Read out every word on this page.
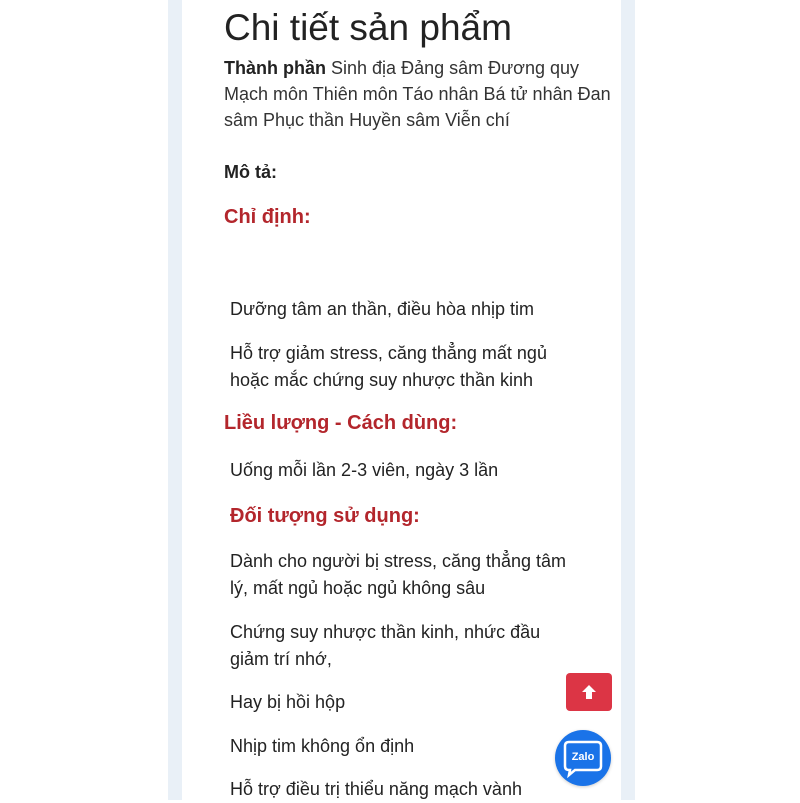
Chi tiết sản phẩm
Thành phần Sinh địa Đảng sâm Đương quy Mạch môn Thiên môn Táo nhân Bá tử nhân Đan sâm Phục thần Huyền sâm Viễn chí
Mô tả:
Chỉ định:
Dưỡng tâm an thần, điều hòa nhịp tim
Hỗ trợ giảm stress, căng thẳng mất ngủ hoặc mắc chứng suy nhược thần kinh
Liều lượng - Cách dùng:
Uống mỗi lần 2-3 viên, ngày 3 lần
Đối tượng sử dụng:
Dành cho người bị stress, căng thẳng tâm lý, mất ngủ hoặc ngủ không sâu
Chứng suy nhược thần kinh, nhức đầu giảm trí nhớ,
Hay bị hồi hộp
Nhịp tim không ổn định
Hỗ trợ điều trị thiểu năng mạch vành
Zalo
